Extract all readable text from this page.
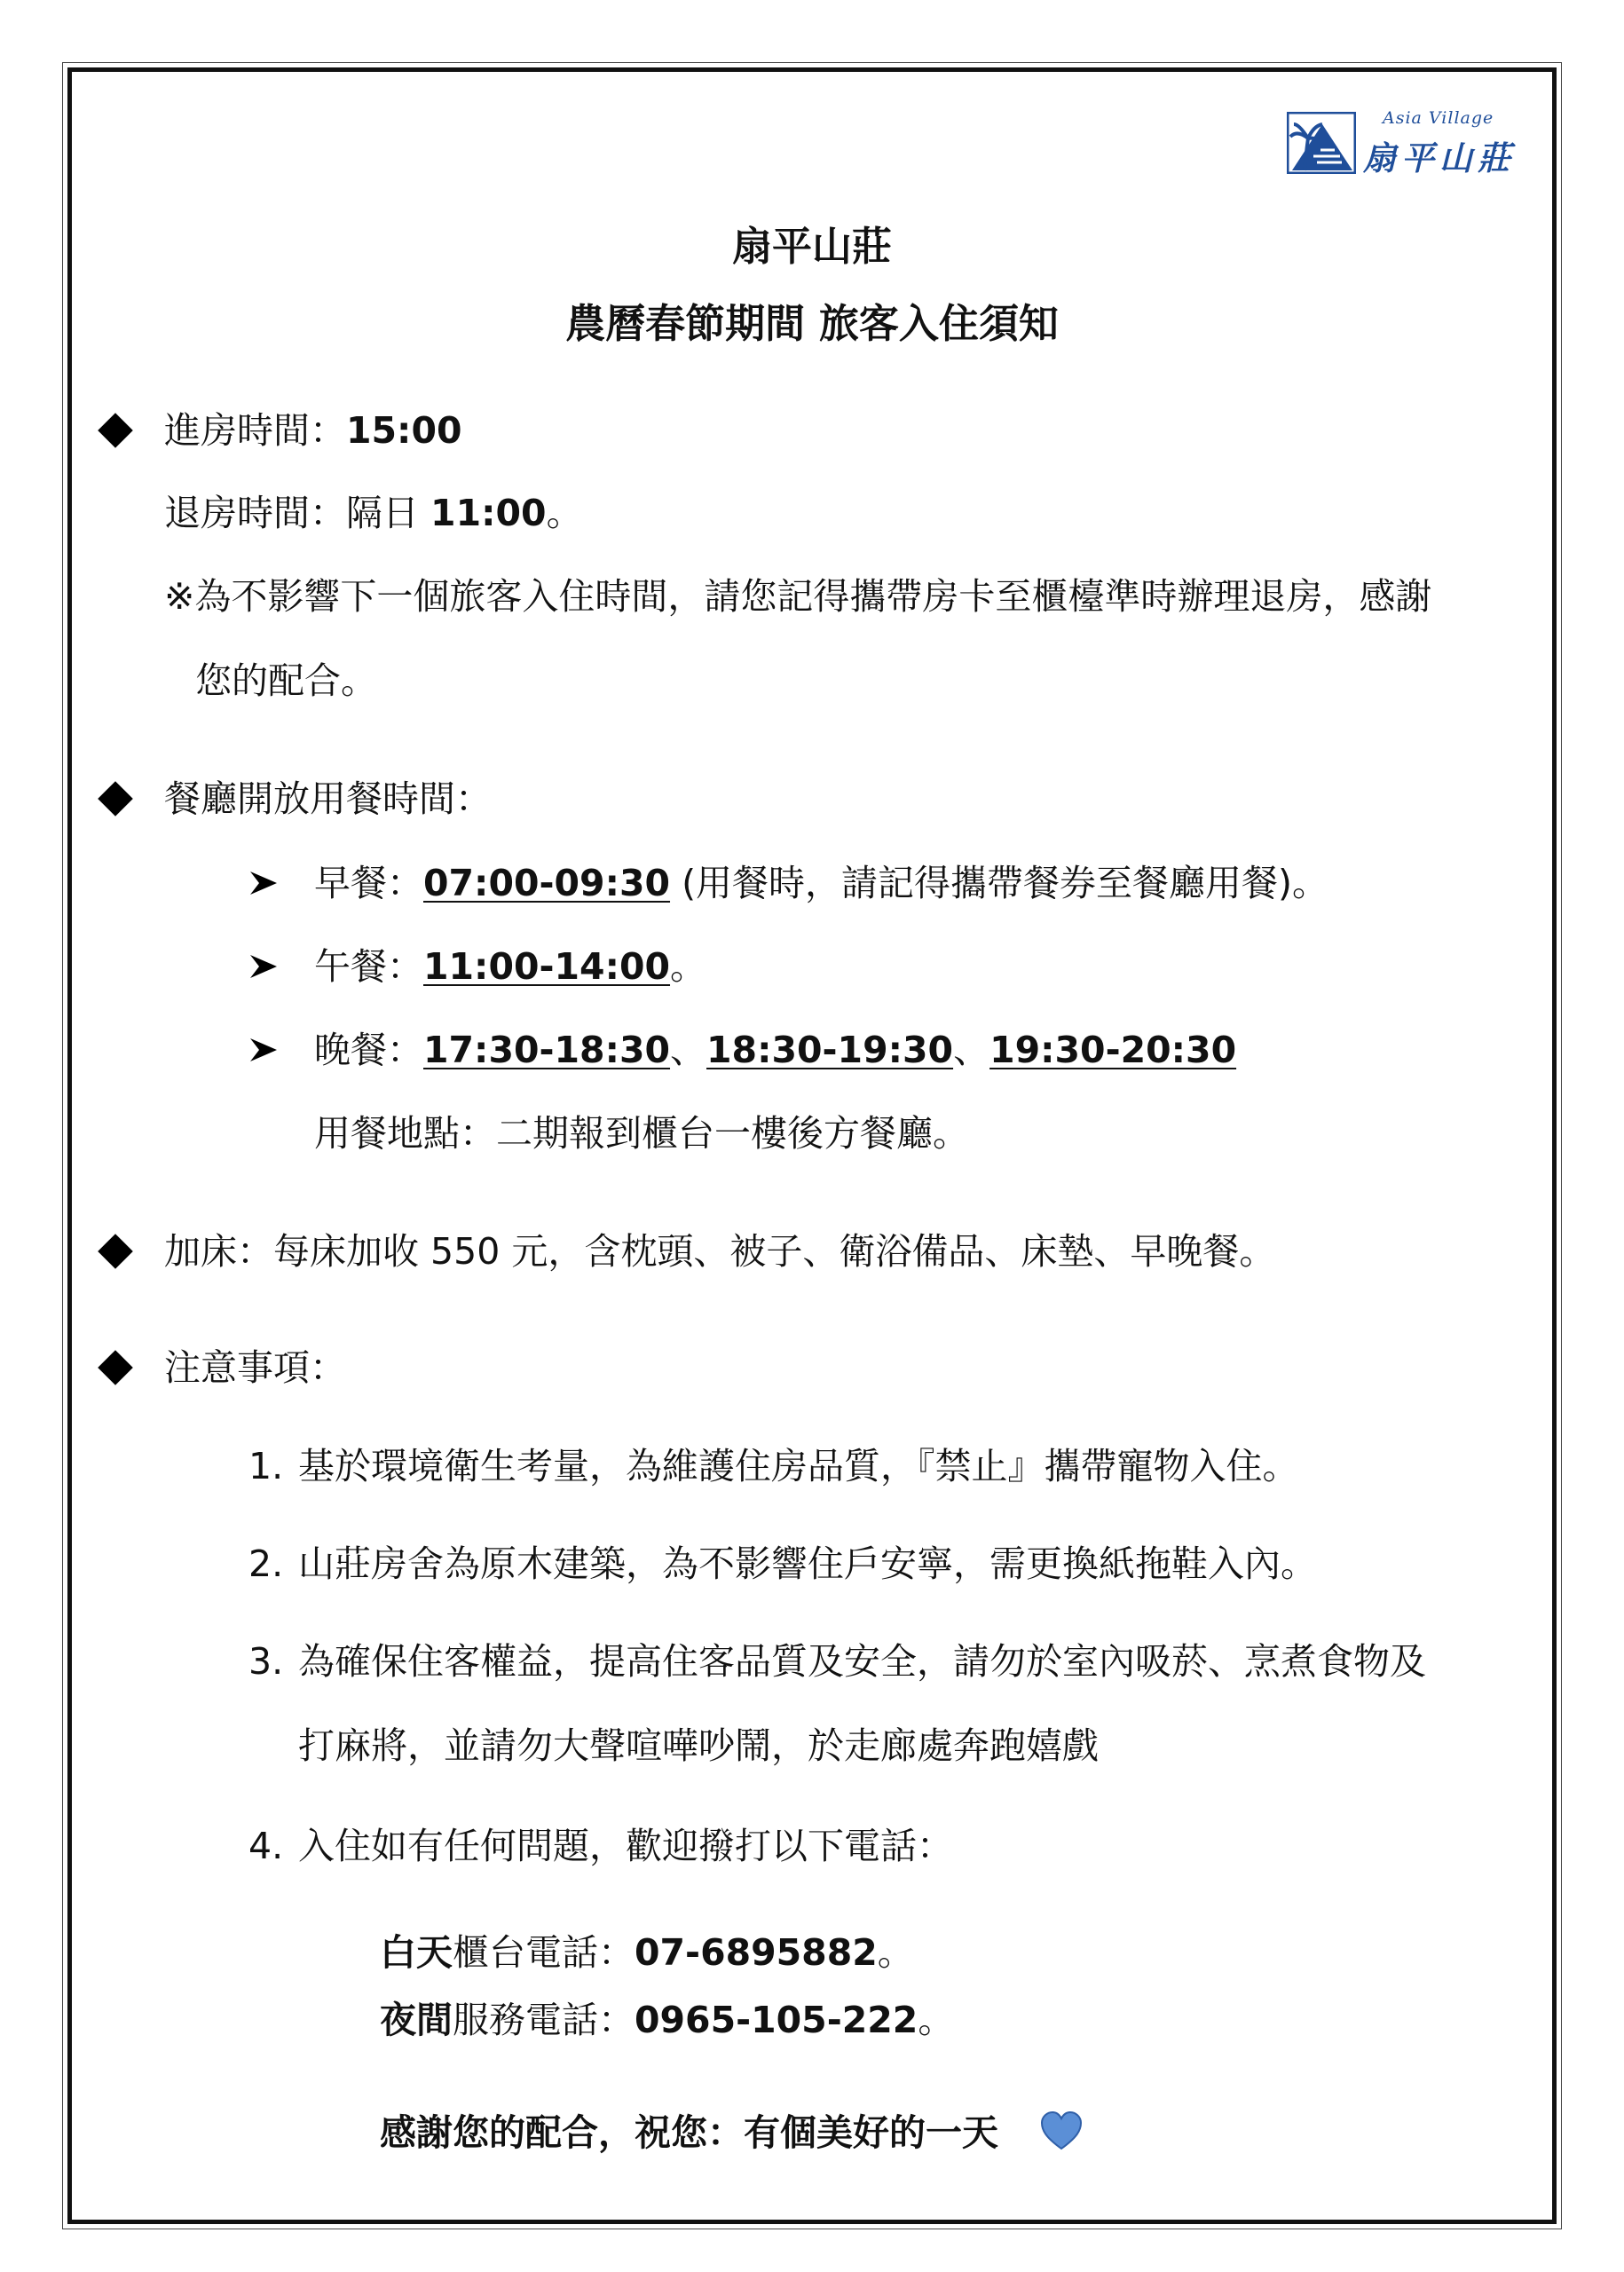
Asia Village
扇平山莊
扇平山莊
農曆春節期間 旅客入住須知
進房時間：15:00
退房時間：隔日 11:00。
※為不影響下一個旅客入住時間，請您記得攜帶房卡至櫃檯準時辦理退房，感謝
您的配合。
餐廳開放用餐時間：
早餐：07:00-09:30 (用餐時，請記得攜帶餐券至餐廳用餐)。
午餐：11:00-14:00。
晚餐：17:30-18:30、18:30-19:30、19:30-20:30
用餐地點：二期報到櫃台一樓後方餐廳。
加床：每床加收 550 元，含枕頭、被子、衛浴備品、床墊、早晚餐。
注意事項：
1. 基於環境衛生考量，為維護住房品質，『禁止』攜帶寵物入住。
2. 山莊房舍為原木建築，為不影響住戶安寧，需更換紙拖鞋入內。
3. 為確保住客權益，提高住客品質及安全，請勿於室內吸菸、烹煮食物及
打麻將，並請勿大聲喧嘩吵鬧，於走廊處奔跑嬉戲
4. 入住如有任何問題，歡迎撥打以下電話：
白天櫃台電話：07-6895882。
夜間服務電話：0965-105-222。
感謝您的配合，祝您：有個美好的一天
